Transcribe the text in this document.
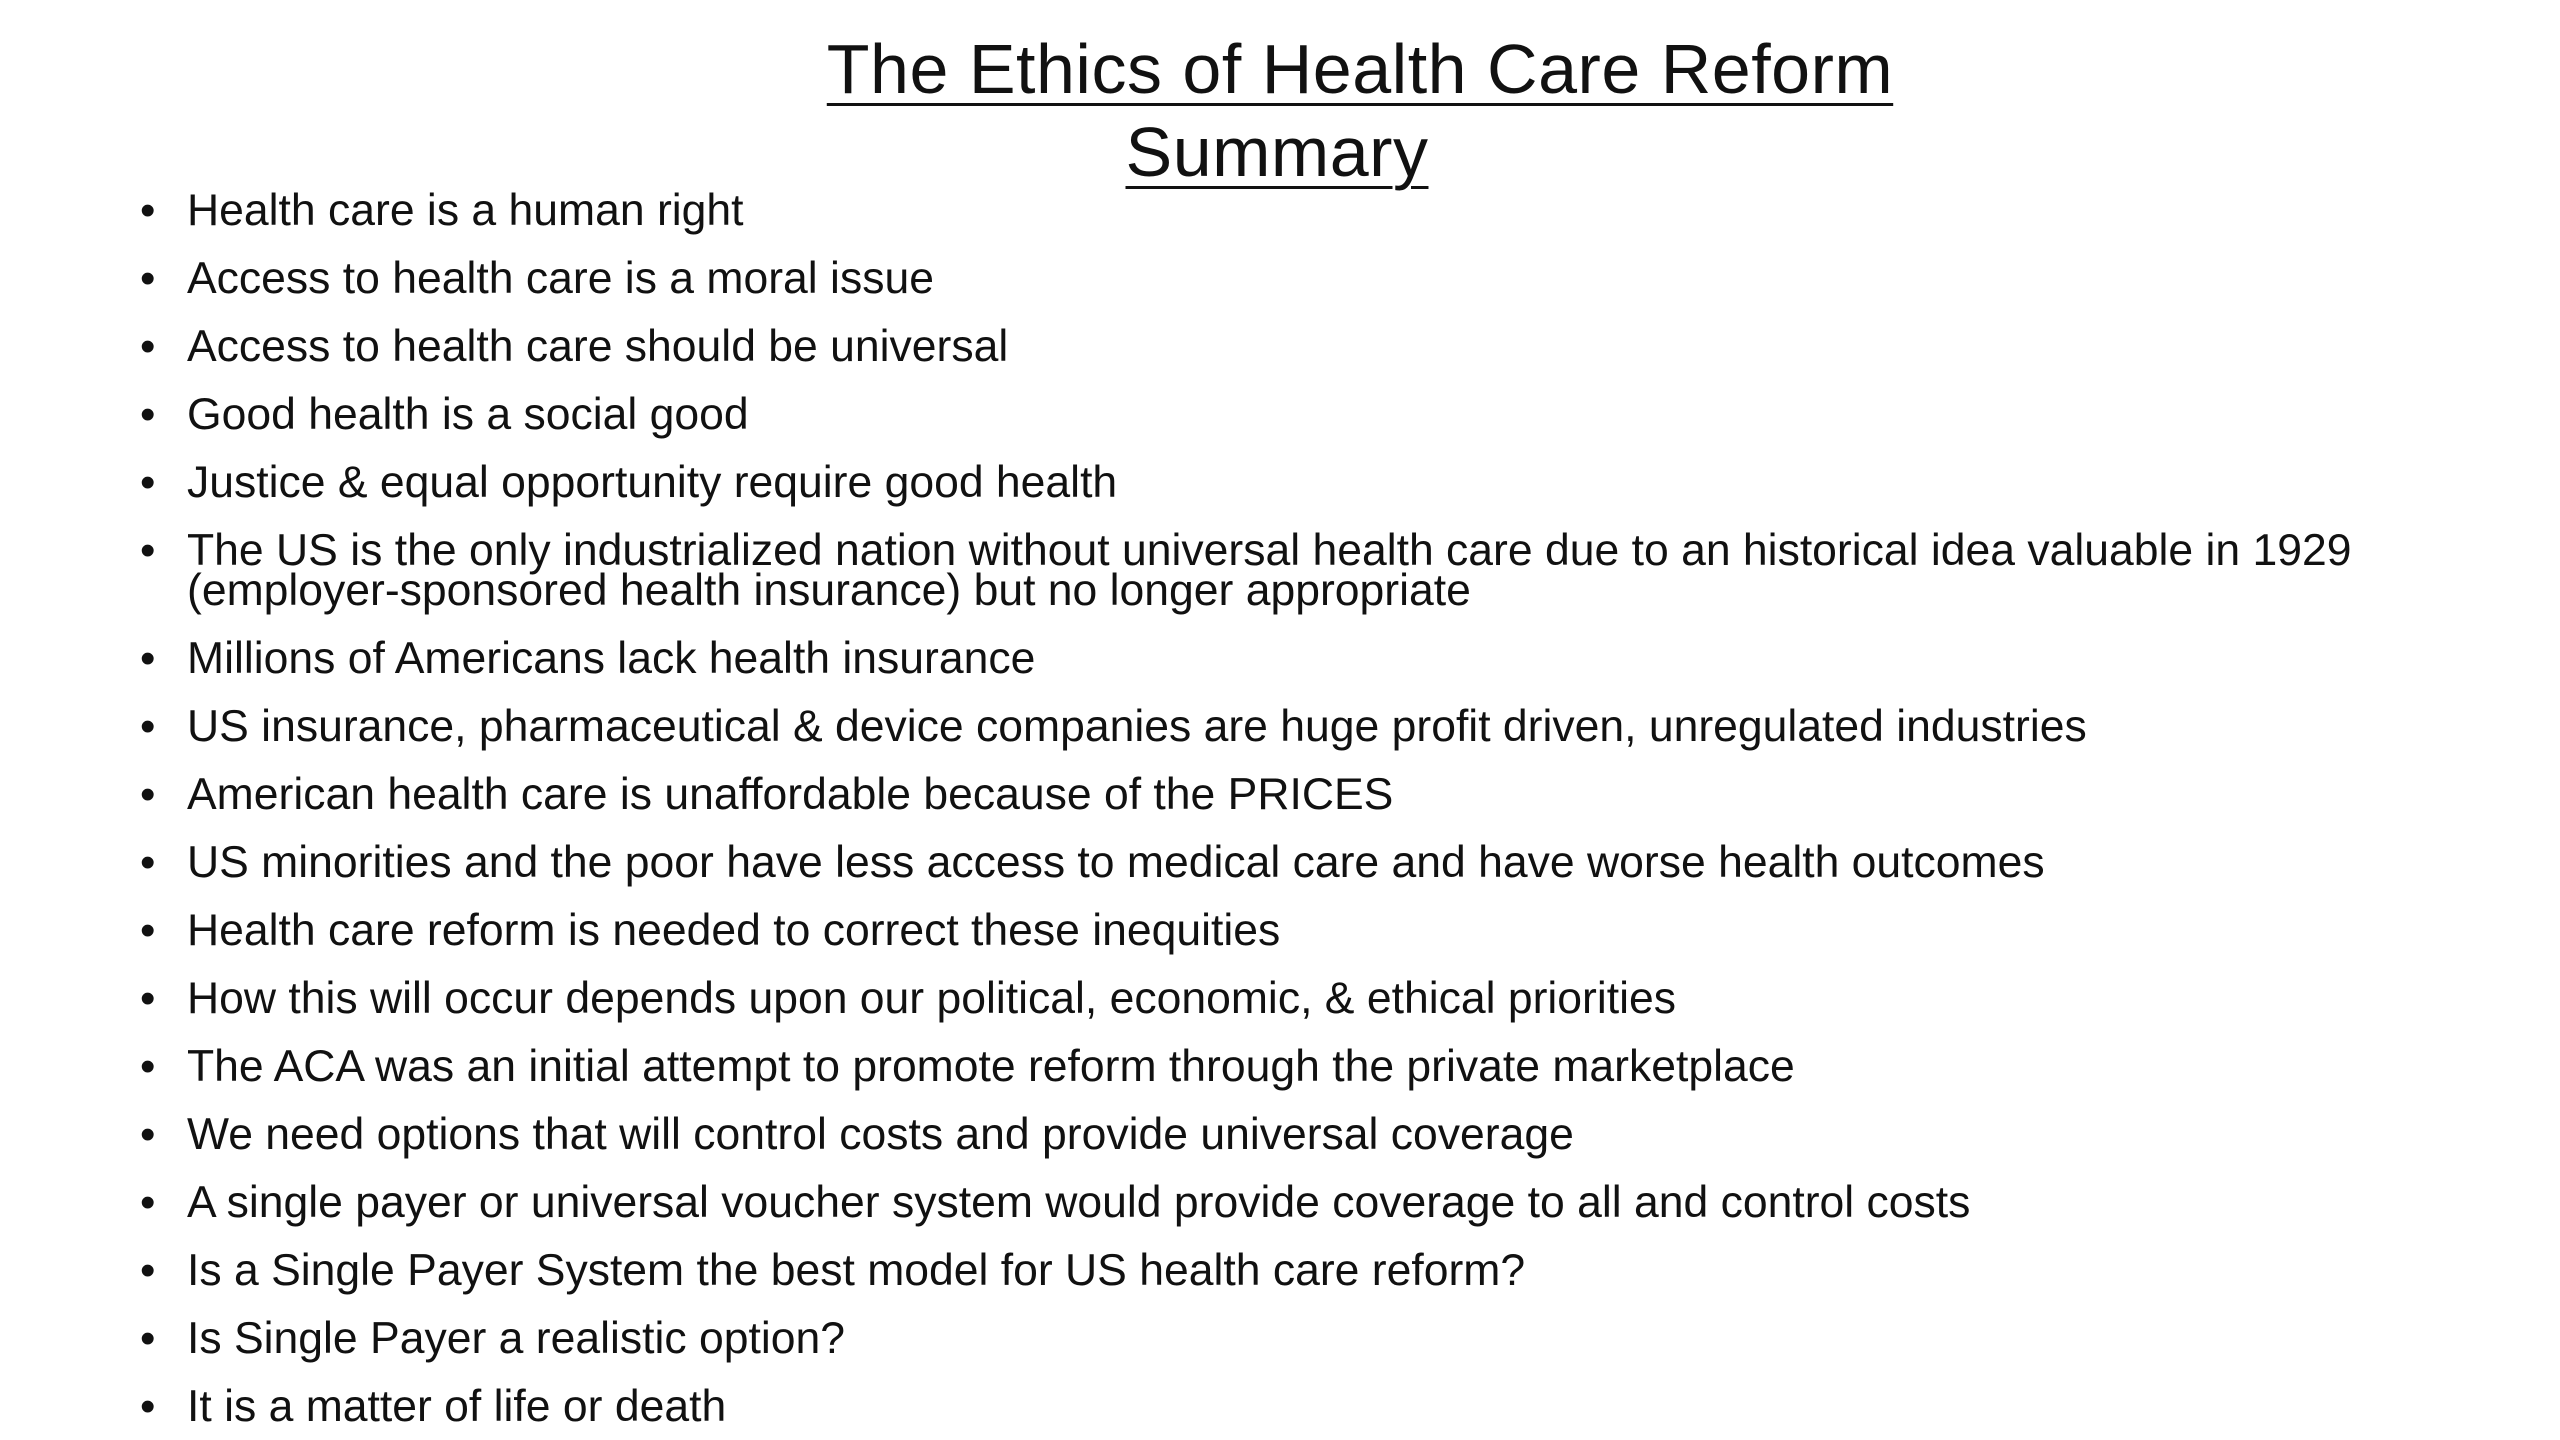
The Ethics of Health Care Reform
Summary
• Health care is a human right
• Access to health care is a moral issue
• Access to health care should be universal
• Good health is a social good
• Justice & equal opportunity require good health
• The US is the only industrialized nation without universal health care due to an historical idea valuable in 1929 (employer-sponsored health insurance) but no longer appropriate
• Millions of Americans lack health insurance
• US insurance, pharmaceutical & device companies are huge profit driven, unregulated industries
• American health care is unaffordable because of the PRICES
• US minorities and the poor have less access to medical care and have worse health outcomes
• Health care reform is needed to correct these inequities
• How this will occur depends upon our political, economic, & ethical priorities
• The ACA was an initial attempt to promote reform through the private marketplace
• We need options that will control costs and provide universal coverage
• A single payer or universal voucher system would provide coverage to all and control costs
• Is a Single Payer System the best model for US health care reform?
• Is Single Payer a realistic option?
• It is a matter of life or death
